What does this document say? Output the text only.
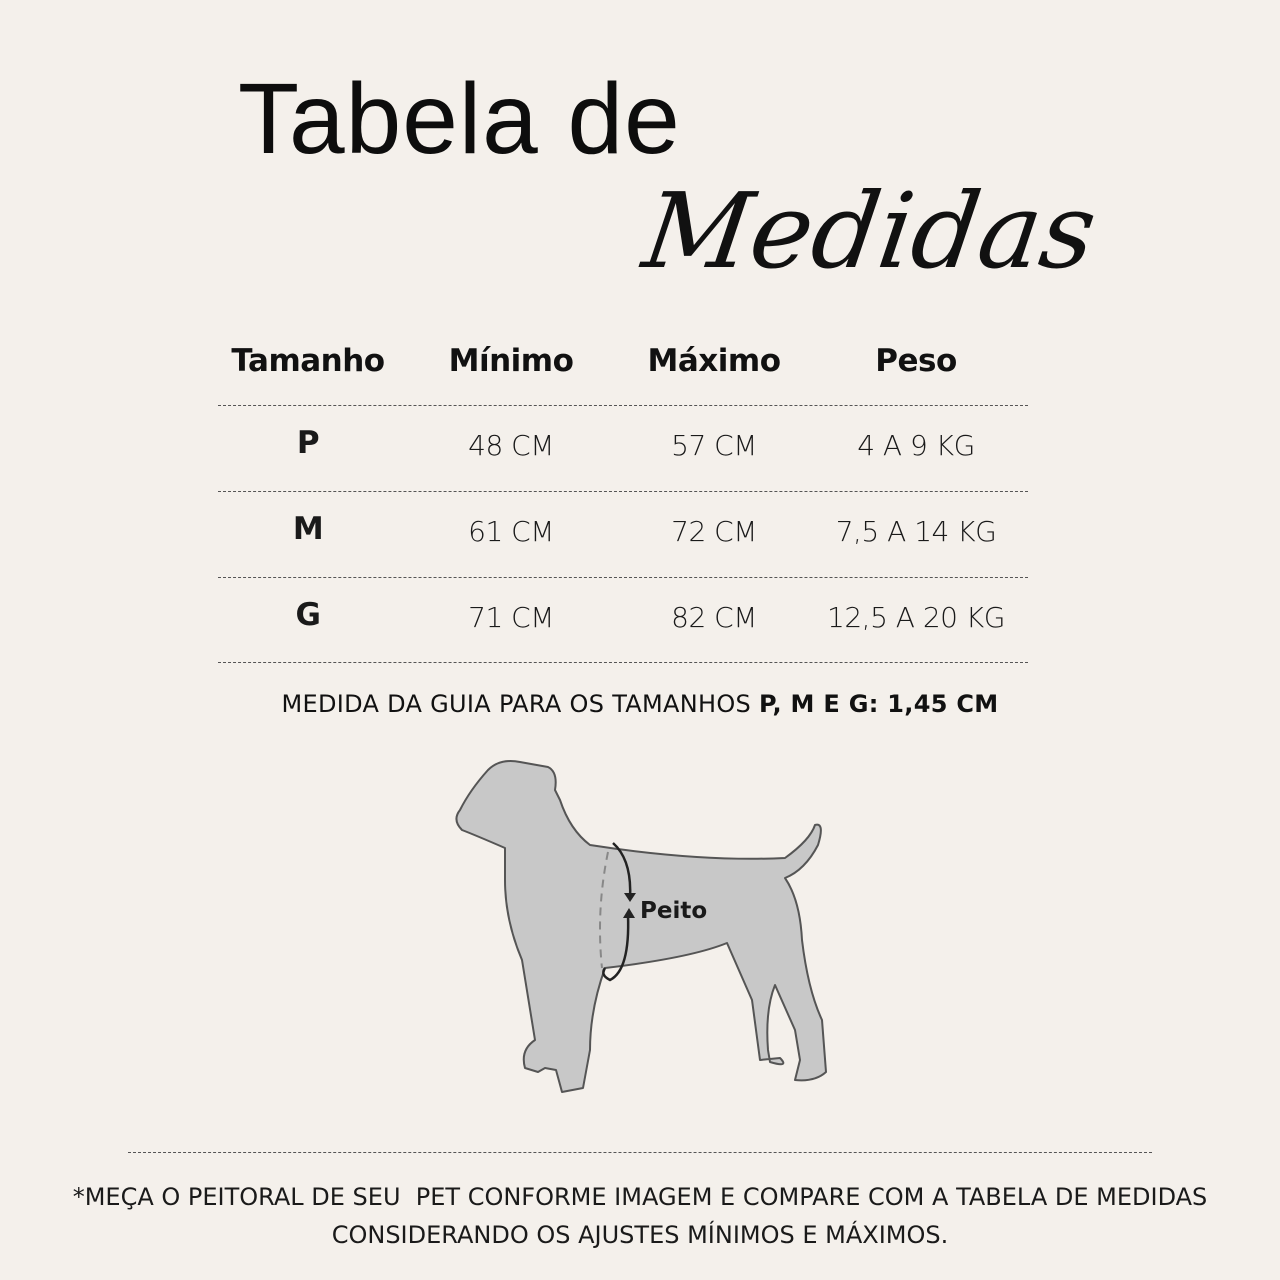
Tabela de
Medidas
Tamanho	Mínimo	Máximo	Peso
P	48 CM	57 CM	4 A 9 KG
M	61 CM	72 CM	7,5 A 14 KG
G	71 CM	82 CM	12,5 A 20 KG
MEDIDA DA GUIA PARA OS TAMANHOS P, M E G: 1,45 CM
Peito
*MEÇA O PEITORAL DE SEU  PET CONFORME IMAGEM E COMPARE COM A TABELA DE MEDIDAS
CONSIDERANDO OS AJUSTES MÍNIMOS E MÁXIMOS.
